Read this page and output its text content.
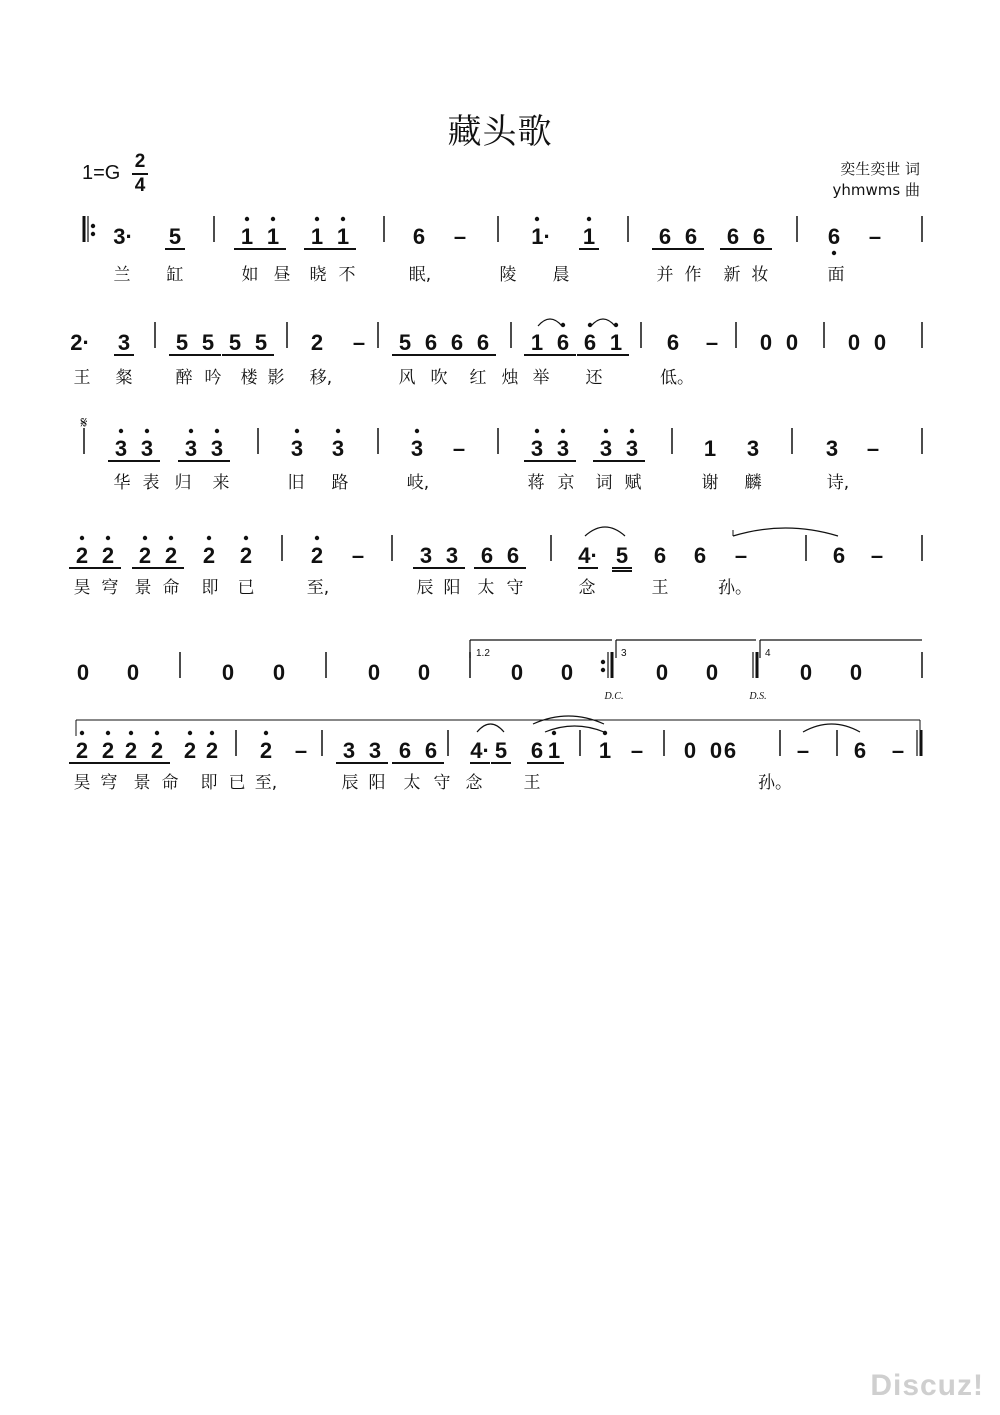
藏头歌
1=G
2
4
奕生奕世 词
yhmwms 曲
3· 5	1 1 1 1	6 –	1· 1	6 6 6 6	6 –
兰 缸	如 昼 晓 不	眠,	陵 晨	并 作 新 妆	面
2· 3 5 5 5 5 2 – 5 6 6 6 1 6 6 1 6 – 0 0 0 0
王 粲	醉 吟 楼 影 移,	风 吹 红 烛 举 还	低。
3 3 3 3	3 3	3 –	3 3 3 3	1 3	3 –
华 表 归 来	旧 路	岐,	蒋 京 词 赋	谢 麟	诗,
2 2 2 2 2 2	2 –	3 3 6 6	4· 5 6 6 –	6 –
昊 穹 景 命 即 已	至,	辰 阳 太 守	念	王	孙。
0 0	0 0	0 0	0 0	0 0	0 0
2 2 2 2 2 2 2 – 3 3 6 6 4· 5 6 1 1 – 0 0 6	– 6 –
昊 穹 景 命 即 已 至,	辰 阳 太 守 念 王	孙。
𝄋
1.2	3	4
D.C.	D.S.
Discuz!
